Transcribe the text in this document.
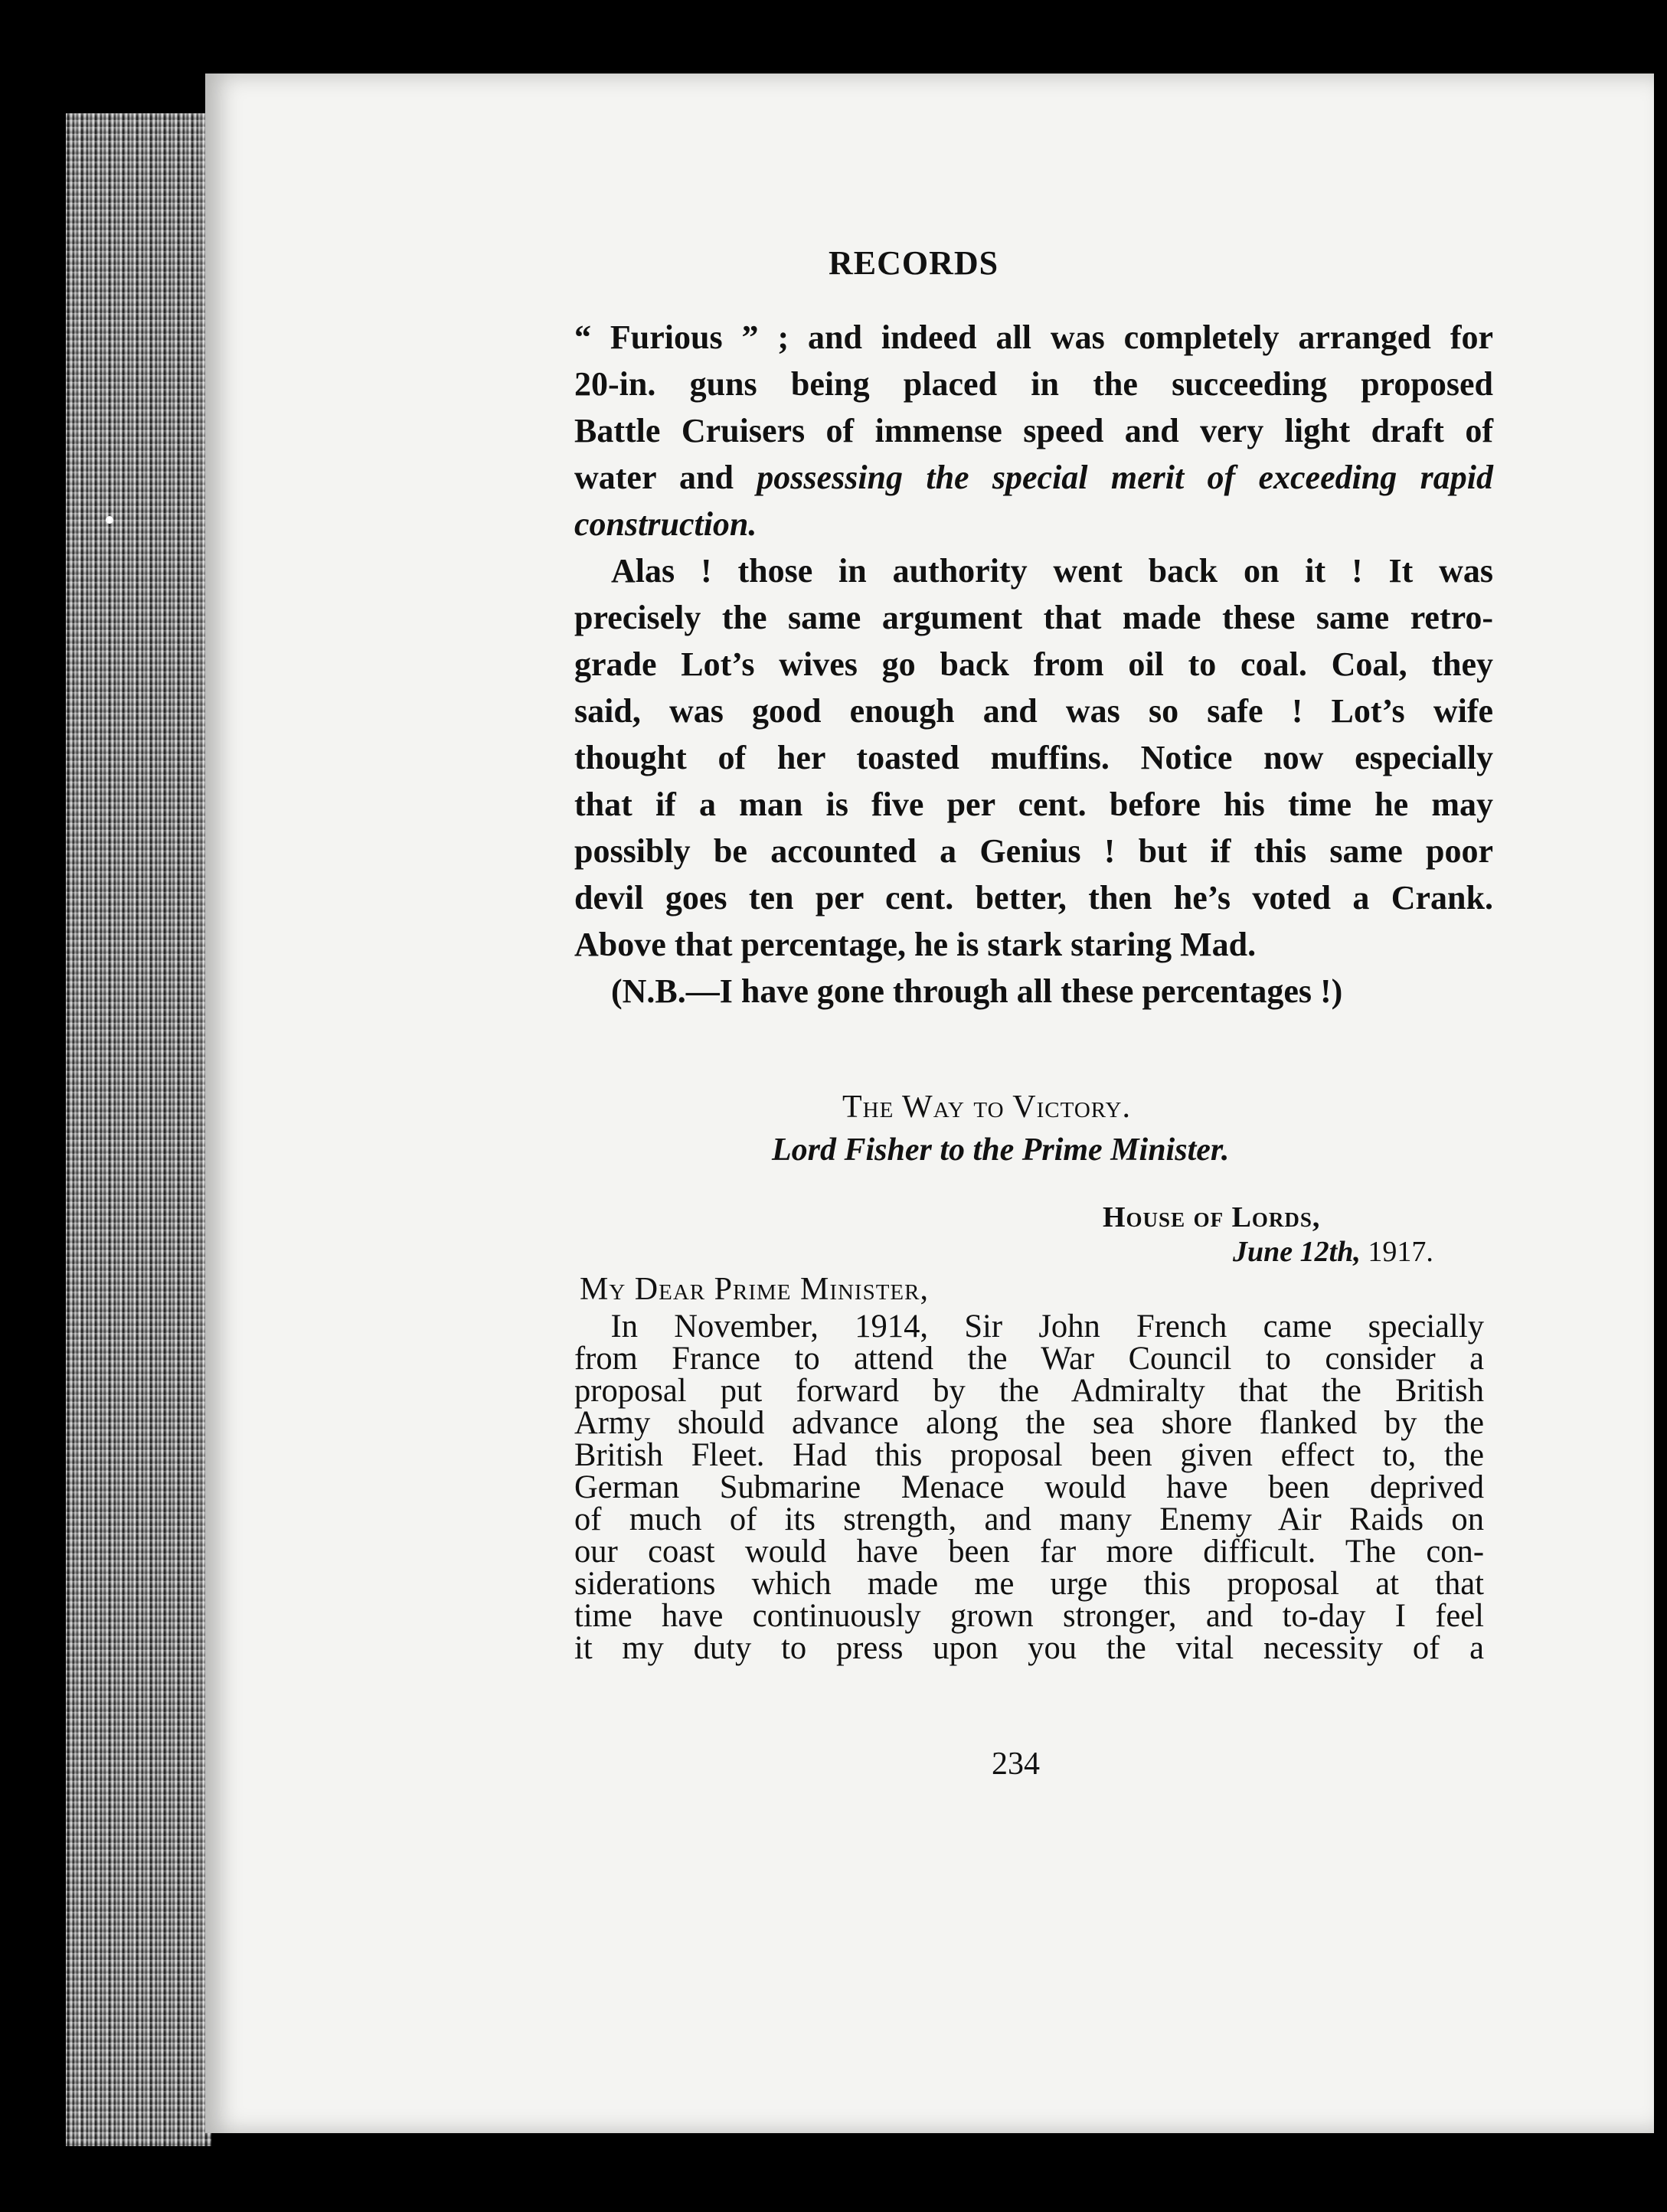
RECORDS
“ Furious ” ; and indeed all was completely arranged for
20-in. guns being placed in the succeeding proposed
Battle Cruisers of immense speed and very light draft of
water and possessing the special merit of exceeding rapid
construction.
Alas ! those in authority went back on it ! It was
precisely the same argument that made these same retro-
grade Lot’s wives go back from oil to coal. Coal, they
said, was good enough and was so safe ! Lot’s wife
thought of her toasted muffins. Notice now especially
that if a man is five per cent. before his time he may
possibly be accounted a Genius ! but if this same poor
devil goes ten per cent. better, then he’s voted a Crank.
Above that percentage, he is stark staring Mad.
(N.B.—I have gone through all these percentages !)
The Way to Victory.
Lord Fisher to the Prime Minister.
House of Lords,
June 12th, 1917.
My Dear Prime Minister,
In November, 1914, Sir John French came specially
from France to attend the War Council to consider a
proposal put forward by the Admiralty that the British
Army should advance along the sea shore flanked by the
British Fleet. Had this proposal been given effect to, the
German Submarine Menace would have been deprived
of much of its strength, and many Enemy Air Raids on
our coast would have been far more difficult. The con-
siderations which made me urge this proposal at that
time have continuously grown stronger, and to-day I feel
it my duty to press upon you the vital necessity of a
234
